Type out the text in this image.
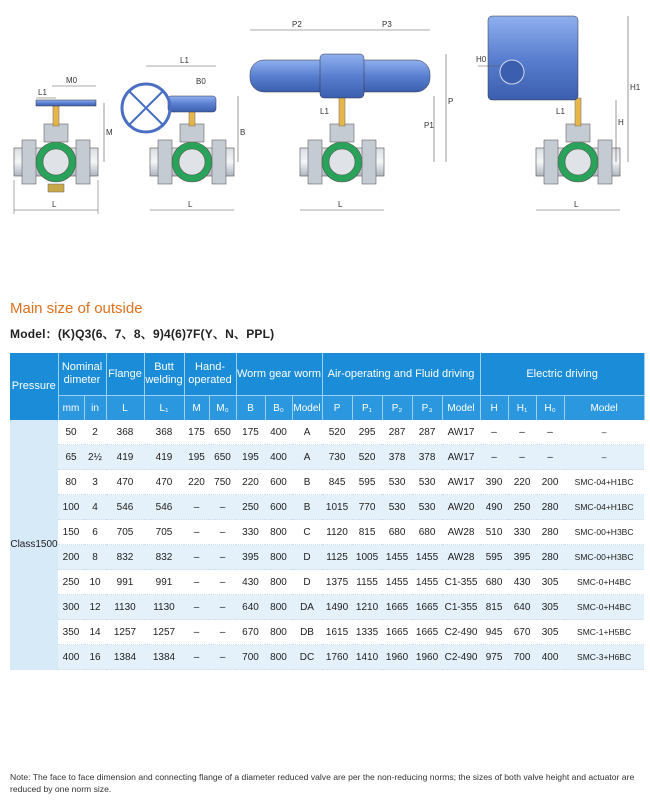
L
M0
L1
M
L
L1
B0
B
P2	P3
P
P1
L1
L
H0
H1
H
L1
L
Main size of outside
Model：(K)Q3(6、7、8、9)4(6)7F(Y、N、PPL)
Pressure	Nominal dimeter		Flange	Butt welding	Hand-operated		Worm gear worm			Air-operating and Fluid driving					Electric driving			
	mm	in	L	L₁	M	M₀	B	B₀	Model	P	P₁	P₂	P₃	Model	H	H₁	H₀	Model
Class1500	50	2	368	368	175	650	175	400	A	520	295	287	287	AW17	–	–	–	–
	65	2½	419	419	195	650	195	400	A	730	520	378	378	AW17	–	–	–	–
	80	3	470	470	220	750	220	600	B	845	595	530	530	AW17	390	220	200	SMC-04+H1BC
	100	4	546	546	–	–	250	600	B	1015	770	530	530	AW20	490	250	280	SMC-04+H1BC
	150	6	705	705	–	–	330	800	C	1120	815	680	680	AW28	510	330	280	SMC-00+H3BC
	200	8	832	832	–	–	395	800	D	1125	1005	1455	1455	AW28	595	395	280	SMC-00+H3BC
	250	10	991	991	–	–	430	800	D	1375	1155	1455	1455	C1-355	680	430	305	SMC-0+H4BC
	300	12	1130	1130	–	–	640	800	DA	1490	1210	1665	1665	C1-355	815	640	305	SMC-0+H4BC
	350	14	1257	1257	–	–	670	800	DB	1615	1335	1665	1665	C2-490	945	670	305	SMC-1+H5BC
	400	16	1384	1384	–	–	700	800	DC	1760	1410	1960	1960	C2-490	975	700	400	SMC-3+H6BC
Note: The face to face dimension and connecting flange of a diameter reduced valve are per the non-reducing norms; the sizes of both valve height and actuator are reduced by one norm size.
